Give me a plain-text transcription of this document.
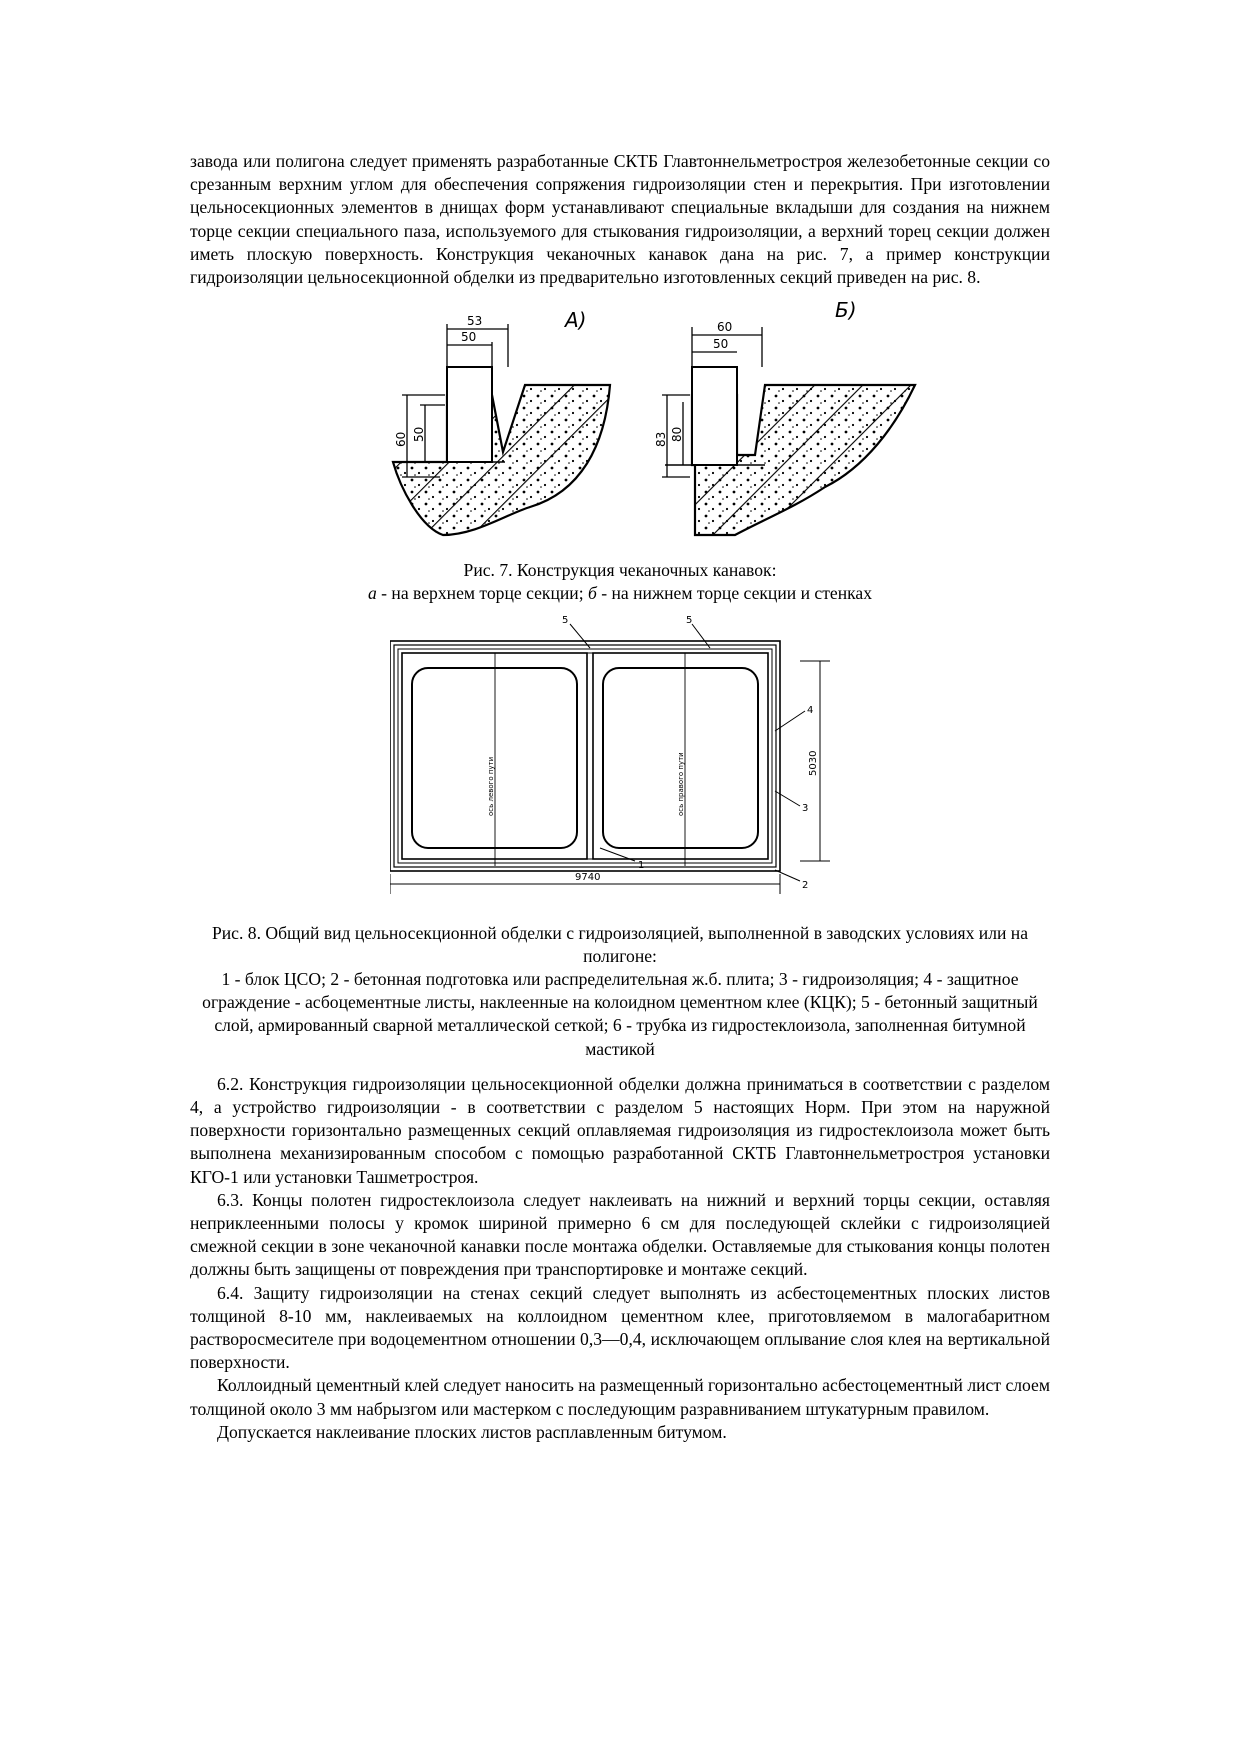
завода или полигона следует применять разработанные СКТБ Главтоннельметростроя железобетонные секции со срезанным верхним углом для обеспечения сопряжения гидроизоляции стен и перекрытия. При изготовлении цельносекционных элементов в днищах форм устанавливают специальные вкладыши для создания на нижнем торце секции специального паза, используемого для стыкования гидроизоляции, а верхний торец секции должен иметь плоскую поверхность. Конструкция чеканочных канавок дана на рис. 7, а пример конструкции гидроизоляции цельносекционной обделки из предварительно изготовленных секций приведен на рис. 8.

А)
53
50
60 50
Б)
60
50
83 80

Рис. 7. Конструкция чеканочных канавок:

а - на верхнем торце секции; б - на нижнем торце секции и стенках

5	5
1
2
3
4
ось левого пути	ось правого пути
9740
5030

Рис. 8. Общий вид цельносекционной обделки с гидроизоляцией, выполненной в заводских условиях или на полигоне:

1 - блок ЦСО; 2 - бетонная подготовка или распределительная ж.б. плита; 3 - гидроизоляция; 4 - защитное ограждение - асбоцементные листы, наклеенные на колоидном цементном клее (КЦК); 5 - бетонный защитный слой, армированный сварной металлической сеткой; 6 - трубка из гидростеклоизола, заполненная битумной мастикой

6.2. Конструкция гидроизоляции цельносекционной обделки должна приниматься в соответствии с разделом 4, а устройство гидроизоляции - в соответствии с разделом 5 настоящих Норм. При этом на наружной поверхности горизонтально размещенных секций оплавляемая гидроизоляция из гидростеклоизола может быть выполнена механизированным способом с помощью разработанной СКТБ Главтоннельметростроя установки КГО-1 или установки Ташметростроя.

6.3. Концы полотен гидростеклоизола следует наклеивать на нижний и верхний торцы секции, оставляя неприклеенными полосы у кромок шириной примерно 6 см для последующей склейки с гидроизоляцией смежной секции в зоне чеканочной канавки после монтажа обделки. Оставляемые для стыкования концы полотен должны быть защищены от повреждения при транспортировке и монтаже секций.

6.4. Защиту гидроизоляции на стенах секций следует выполнять из асбестоцементных плоских листов толщиной 8-10 мм, наклеиваемых на коллоидном цементном клее, приготовляемом в малогабаритном растворосмесителе при водоцементном отношении 0,3—0,4, исключающем оплывание слоя клея на вертикальной поверхности.

Коллоидный цементный клей следует наносить на размещенный горизонтально асбестоцементный лист слоем толщиной около 3 мм набрызгом или мастерком с последующим разравниванием штукатурным правилом.

Допускается наклеивание плоских листов расплавленным битумом.
